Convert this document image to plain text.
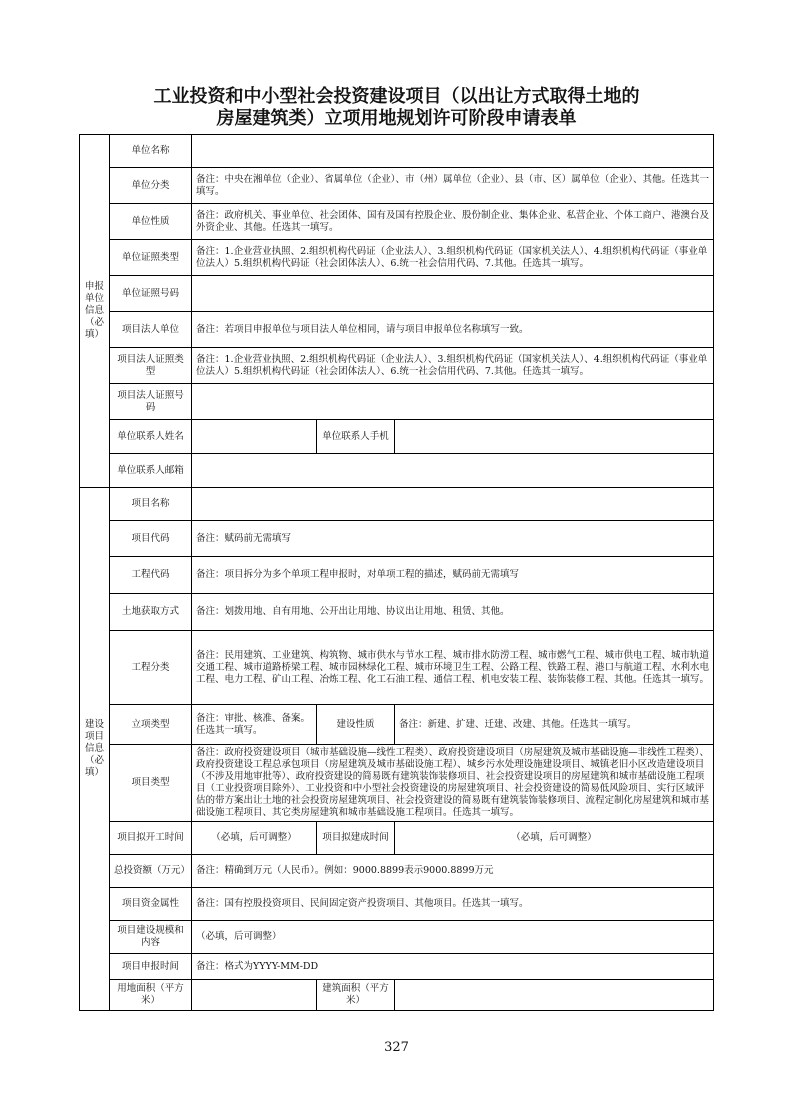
工业投资和中小型社会投资建设项目（以出让方式取得土地的
房屋建筑类）立项用地规划许可阶段申请表单
申报单位信息（必填）	单位名称			
	单位分类	备注：中央在湘单位（企业）、省属单位（企业）、市（州）属单位（企业）、县（市、区）属单位（企业）、其他。任选其一填写。		
	单位性质	备注：政府机关、事业单位、社会团体、国有及国有控股企业、股份制企业、集体企业、私营企业、个体工商户、港澳台及外资企业、其他。任选其一填写。		
	单位证照类型	备注：1.企业营业执照、2.组织机构代码证（企业法人）、3.组织机构代码证（国家机关法人）、4.组织机构代码证（事业单位法人）5.组织机构代码证（社会团体法人）、6.统一社会信用代码、7.其他。任选其一填写。		
	单位证照号码			
	项目法人单位	备注：若项目申报单位与项目法人单位相同，请与项目申报单位名称填写一致。		
	项目法人证照类型	备注：1.企业营业执照、2.组织机构代码证（企业法人）、3.组织机构代码证（国家机关法人）、4.组织机构代码证（事业单位法人）5.组织机构代码证（社会团体法人）、6.统一社会信用代码、7.其他。任选其一填写。		
	项目法人证照号码			
	单位联系人姓名		单位联系人手机	
	单位联系人邮箱			
建设项目信息（必填）	项目名称			
	项目代码	备注：赋码前无需填写		
	工程代码	备注：项目拆分为多个单项工程申报时，对单项工程的描述，赋码前无需填写		
	土地获取方式	备注：划拨用地、自有用地、公开出让用地、协议出让用地、租赁、其他。		
	工程分类	备注：民用建筑、工业建筑、构筑物、城市供水与节水工程、城市排水防涝工程、城市燃气工程、城市供电工程、城市轨道交通工程、城市道路桥梁工程、城市园林绿化工程、城市环境卫生工程、公路工程、铁路工程、港口与航道工程、水利水电工程、电力工程、矿山工程、冶炼工程、化工石油工程、通信工程、机电安装工程、装饰装修工程、其他。任选其一填写。		
	立项类型	备注：审批、核准、备案。任选其一填写。	建设性质	备注：新建、扩建、迁建、改建、其他。任选其一填写。
	项目类型	备注：政府投资建设项目（城市基础设施—线性工程类）、政府投资建设项目（房屋建筑及城市基础设施—非线性工程类）、政府投资建设工程总承包项目（房屋建筑及城市基础设施工程）、城乡污水处理设施建设项目、城镇老旧小区改造建设项目（不涉及用地审批等）、政府投资建设的简易既有建筑装饰装修项目、社会投资建设项目的房屋建筑和城市基础设施工程项目（工业投资项目除外）、工业投资和中小型社会投资建设的房屋建筑项目、社会投资建设的简易低风险项目、实行区域评估的带方案出让土地的社会投资房屋建筑项目、社会投资建设的简易既有建筑装饰装修项目、流程定制化房屋建筑和城市基础设施工程项目、其它类房屋建筑和城市基础设施工程项目。任选其一填写。		
	项目拟开工时间	（必填，后可调整）	项目拟建成时间	（必填，后可调整）
	总投资额（万元）	备注：精确到万元（人民币）。例如：9000.8899表示9000.8899万元		
	项目资金属性	备注：国有控股投资项目、民间固定资产投资项目、其他项目。任选其一填写。		
	项目建设规模和内容	（必填，后可调整）		
	项目申报时间	备注：格式为YYYY-MM-DD		
	用地面积（平方米）		建筑面积（平方米）	
327
